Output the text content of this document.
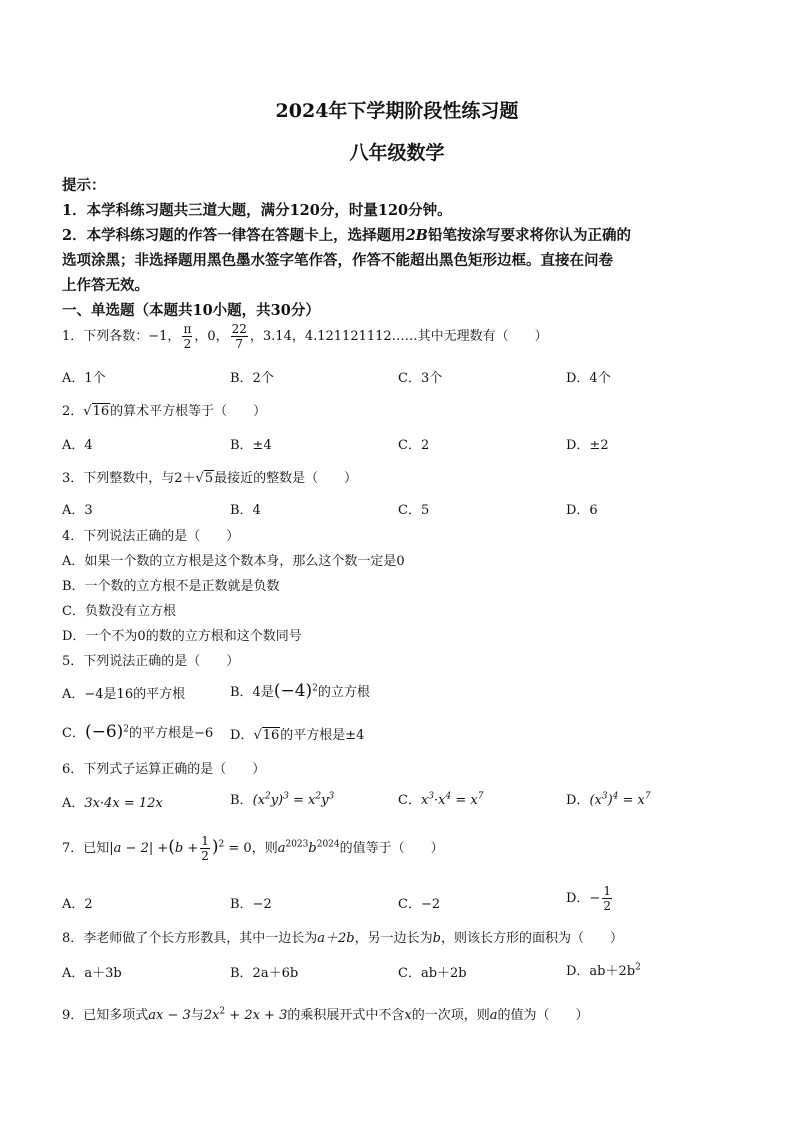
2024年下学期阶段性练习题
八年级数学
提示：
1．本学科练习题共三道大题，满分120分，时量120分钟。
2．本学科练习题的作答一律答在答题卡上，选择题用2B铅笔按涂写要求将你认为正确的
选项涂黑；非选择题用黑色墨水签字笔作答，作答不能超出黑色矩形边框。直接在问卷
上作答无效。
一、单选题（本题共10小题，共30分）
1．下列各数：−1， $\frac{\pi}{2}$ ，0， $\frac{22}{7}$ ，3.14，4.121121112……其中无理数有（　　）
A．1个	B．2个	C．3个	D．4个
2．√16的算术平方根等于（　　）
A．4	B．±4	C．2	D．±2
3．下列整数中，与2＋√5最接近的整数是（　　）
A．3	B．4	C．5	D．6
4．下列说法正确的是（　　）
A．如果一个数的立方根是这个数本身，那么这个数一定是0
B．一个数的立方根不是正数就是负数
C．负数没有立方根
D．一个不为0的数的立方根和这个数同号
5．下列说法正确的是（　　）
A．−4是16的平方根	B．4是$(-4)^2$的立方根
C．$(-6)^2$的平方根是−6 D．√16的平方根是±4
6．下列式子运算正确的是（　　）
A．3x·4x = 12x	B．$(x^2y)^3 = x^2y^3$	C．$x^3\cdot x^4 = x^7$	D．$(x^3)^4 = x^7$
7．已知$|a - 2| +(b + \frac{1}{2} )^2 = 0$，则$a^{2023}b^{2024}$的值等于（　　）
A．2	B．−2	C．−2	D．− $\frac{1}{2}$
8．李老师做了个长方形教具，其中一边长为a＋2b，另一边长为b，则该长方形的面积为（　　）
A．a＋3b	B．2a＋6b	C．ab＋2b	D．$ab+2b^2$
9．已知多项式ax − 3与$2x^2 + 2x + 3$的乘积展开式中不含x的一次项，则a的值为（　　）
